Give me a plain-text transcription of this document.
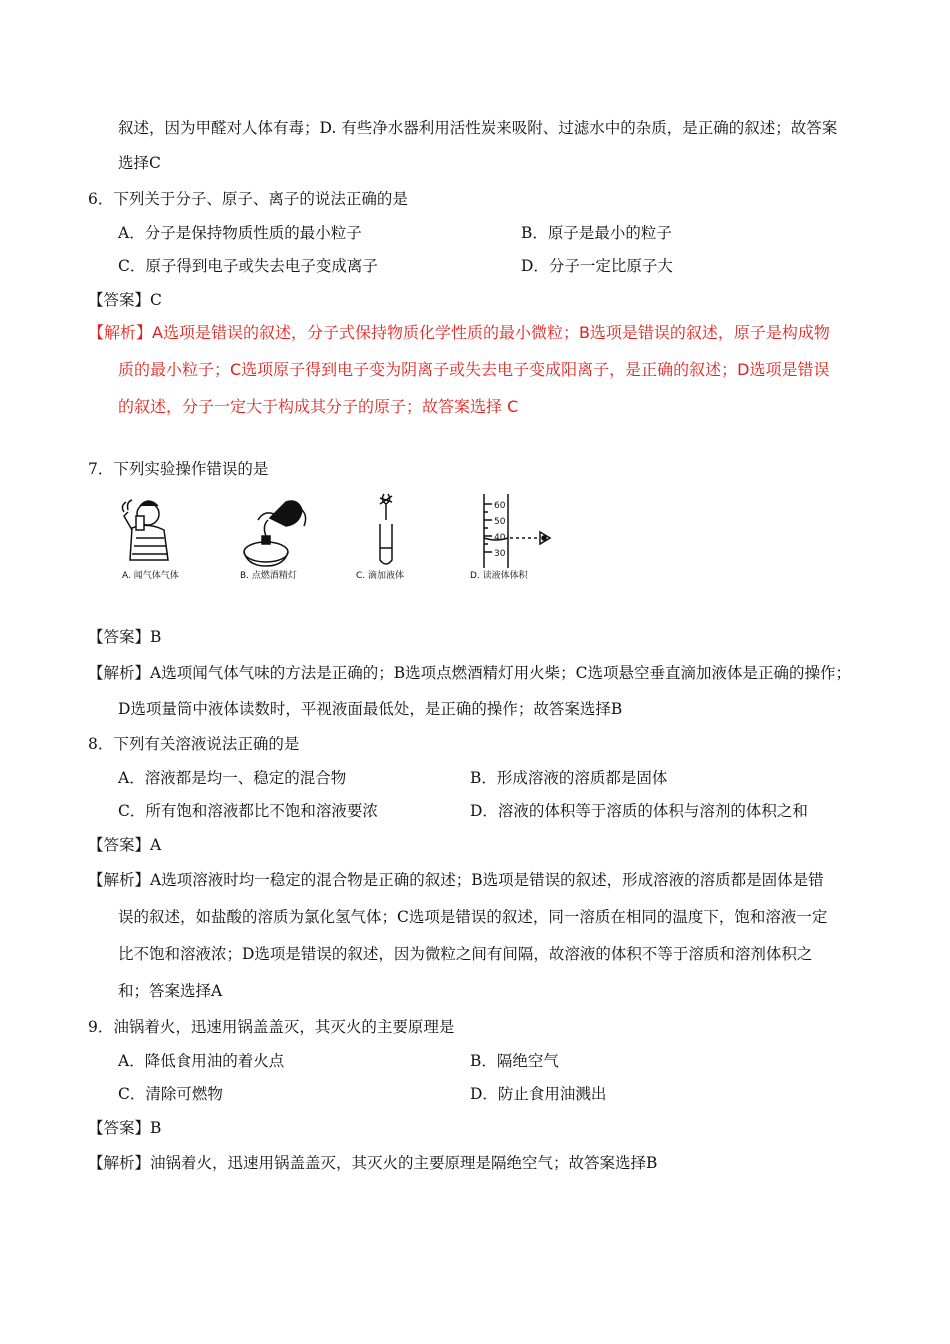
叙述，因为甲醛对人体有毒；D. 有些净水器利用活性炭来吸附、过滤水中的杂质，是正确的叙述；故答案
选择C
6．下列关于分子、原子、离子的说法正确的是
A．分子是保持物质性质的最小粒子	B．原子是最小的粒子
C．原子得到电子或失去电子变成离子	D．分子一定比原子大
【答案】C
【解析】A选项是错误的叙述，分子式保持物质化学性质的最小微粒；B选项是错误的叙述，原子是构成物
质的最小粒子；C选项原子得到电子变为阴离子或失去电子变成阳离子，是正确的叙述；D选项是错误
的叙述，分子一定大于构成其分子的原子；故答案选择 C
7．下列实验操作错误的是
A. 闻气体气体	B. 点燃酒精灯	C. 滴加液体
60
50
40
30
D. 读液体体积
【答案】B
【解析】A选项闻气体气味的方法是正确的；B选项点燃酒精灯用火柴；C选项悬空垂直滴加液体是正确的操作；
D选项量筒中液体读数时，平视液面最低处，是正确的操作；故答案选择B
8．下列有关溶液说法正确的是
A．溶液都是均一、稳定的混合物	B．形成溶液的溶质都是固体
C．所有饱和溶液都比不饱和溶液要浓	D．溶液的体积等于溶质的体积与溶剂的体积之和
【答案】A
【解析】A选项溶液时均一稳定的混合物是正确的叙述；B选项是错误的叙述，形成溶液的溶质都是固体是错
误的叙述，如盐酸的溶质为氯化氢气体；C选项是错误的叙述，同一溶质在相同的温度下，饱和溶液一定
比不饱和溶液浓；D选项是错误的叙述，因为微粒之间有间隔，故溶液的体积不等于溶质和溶剂体积之
和；答案选择A
9．油锅着火，迅速用锅盖盖灭，其灭火的主要原理是
A．降低食用油的着火点	B．隔绝空气
C．清除可燃物	D．防止食用油溅出
【答案】B
【解析】油锅着火，迅速用锅盖盖灭，其灭火的主要原理是隔绝空气；故答案选择B
